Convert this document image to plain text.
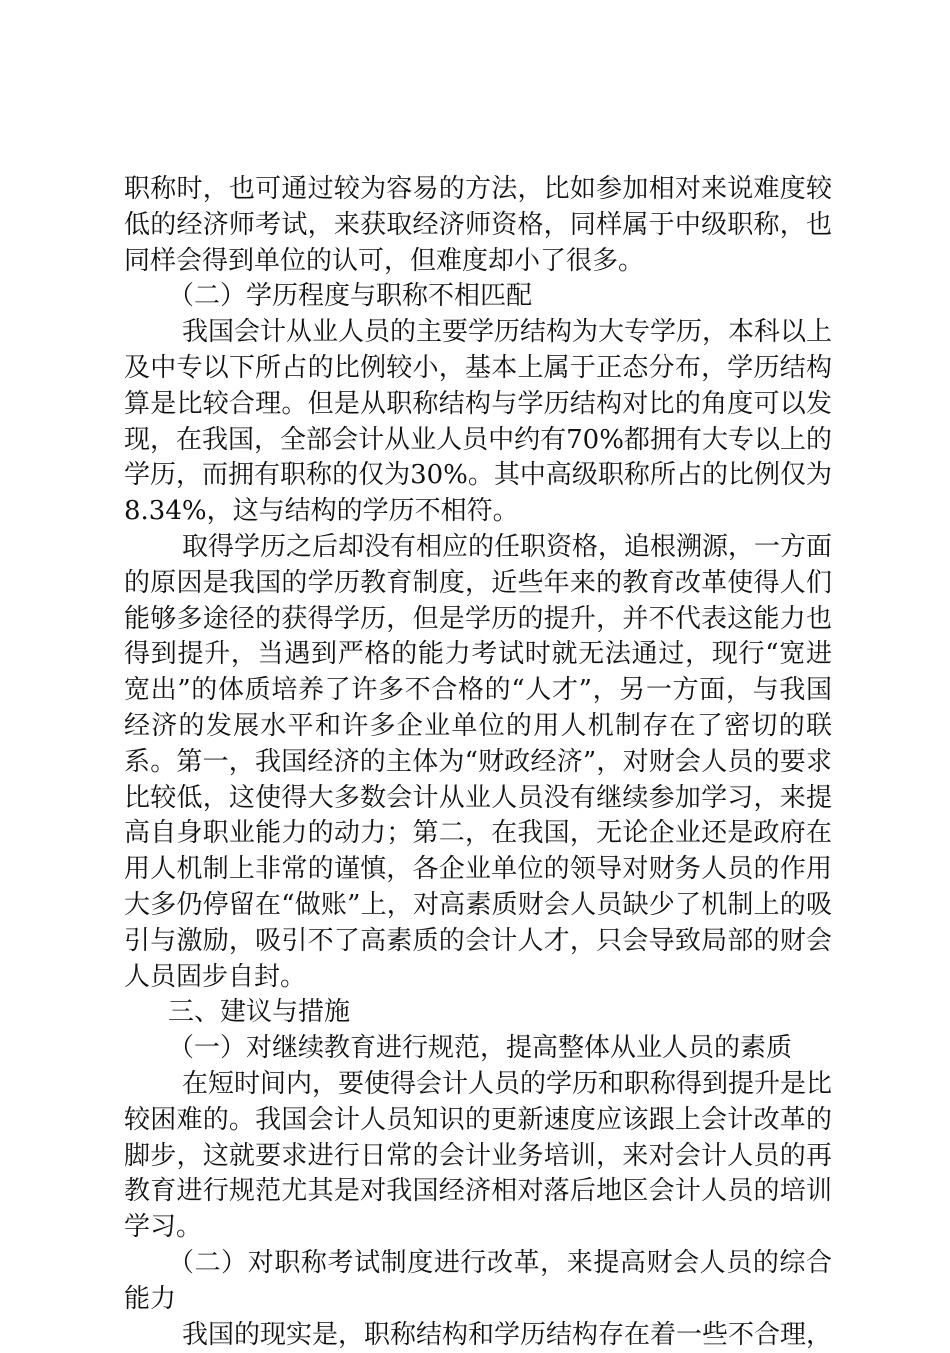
职称时，也可通过较为容易的方法，比如参加相对来说难度较低的经济师考试，来获取经济师资格，同样属于中级职称，也同样会得到单位的认可，但难度却小了很多。

（二）学历程度与职称不相匹配

我国会计从业人员的主要学历结构为大专学历，本科以上及中专以下所占的比例较小，基本上属于正态分布，学历结构算是比较合理。但是从职称结构与学历结构对比的角度可以发现，在我国，全部会计从业人员中约有70%都拥有大专以上的学历，而拥有职称的仅为30%。其中高级职称所占的比例仅为8.34%，这与结构的学历不相符。

取得学历之后却没有相应的任职资格，追根溯源，一方面的原因是我国的学历教育制度，近些年来的教育改革使得人们能够多途径的获得学历，但是学历的提升，并不代表这能力也得到提升，当遇到严格的能力考试时就无法通过，现行“宽进宽出”的体质培养了许多不合格的“人才”，另一方面，与我国经济的发展水平和许多企业单位的用人机制存在了密切的联系。第一，我国经济的主体为“财政经济”，对财会人员的要求比较低，这使得大多数会计从业人员没有继续参加学习，来提高自身职业能力的动力；第二，在我国，无论企业还是政府在用人机制上非常的谨慎，各企业单位的领导对财务人员的作用大多仍停留在“做账”上，对高素质财会人员缺少了机制上的吸引与激励，吸引不了高素质的会计人才，只会导致局部的财会人员固步自封。

三、建议与措施

（一）对继续教育进行规范，提高整体从业人员的素质

在短时间内，要使得会计人员的学历和职称得到提升是比较困难的。我国会计人员知识的更新速度应该跟上会计改革的脚步，这就要求进行日常的会计业务培训，来对会计人员的再教育进行规范尤其是对我国经济相对落后地区会计人员的培训学习。

（二）对职称考试制度进行改革，来提高财会人员的综合能力

我国的现实是，职称结构和学历结构存在着一些不合理，
